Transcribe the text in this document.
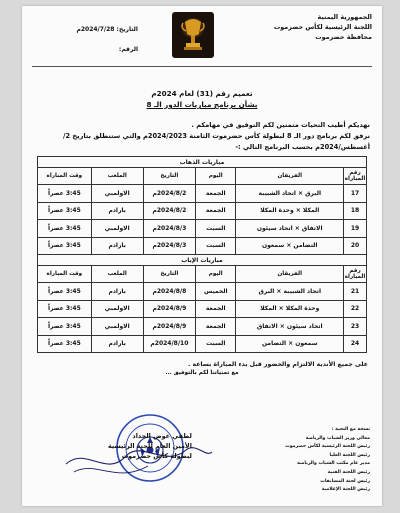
الجمهورية اليمنية
اللجنة الرئيسية لكأس حضرموت
محافظة حضرموت
التاريخ: 2024/7/28م
الرقم:
تعميم رقم (31) لعام 2024م
بشأن برنامج مباريات الدور الـ 8
نهديكم أطيب التحيات متمنين لكم التوفيق في مهامكم .
نرفق لكم برنامج دور الـ 8 لبطولة كأس حضرموت الثامنة 2024/2023م والتي ستنطلق بتاريخ 2/أغسطس/2024م بحسب البرنامج التالي :-
مباريات الذهاب					
رقم المباراة	الفريقان	اليوم	التاريخ	الملعب	وقت المباراة
17	البرق × اتحاد الشبيبة	الجمعة	2024/8/2م	الاولمبي	3:45 عصراً
18	المكلا × وحدة المكلا	الجمعة	2024/8/2م	بارادم	3:45 عصراً
19	الاتفاق × اتحاد سيئون	السبت	2024/8/3م	الاولمبي	3:45 عصراً
20	التضامن × سمعون	السبت	2024/8/3م	بارادم	3:45 عصراً
مباريات الإياب					
رقم المباراة	الفريقان	اليوم	التاريخ	الملعب	وقت المباراة
21	اتحاد الشبيبة × البرق	الخميس	2024/8/8م	بارادم	3:45 عصراً
22	وحدة المكلا × المكلا	الجمعة	2024/8/9م	الاولمبي	3:45 عصراً
23	اتحاد سيئون × الاتفاق	الجمعة	2024/8/9م	الاولمبي	3:45 عصراً
24	سمعون × التضامن	السبت	2024/8/10م	بارادم	3:45 عصراً
على جميع الأندية الالتزام والحضور قبل بدء المباراة بساعة .
مع تمنياتنا لكم بالتوفيق ...
لطفي عوض الحداد
الأمين العام للجنة الرئيسية
لبطولة كأس حضرموت
نسخة مع التحية :
معالي وزير الشباب والرياضة
رئيس اللجنة الرئيسية لكأس حضرموت
رئيس اللجنة العليا
مدير عام مكتب الشباب والرياضة
رئيس اللجنة الفنية
رئيس لجنة المسابقات
رئيس اللجنة الإعلامية
